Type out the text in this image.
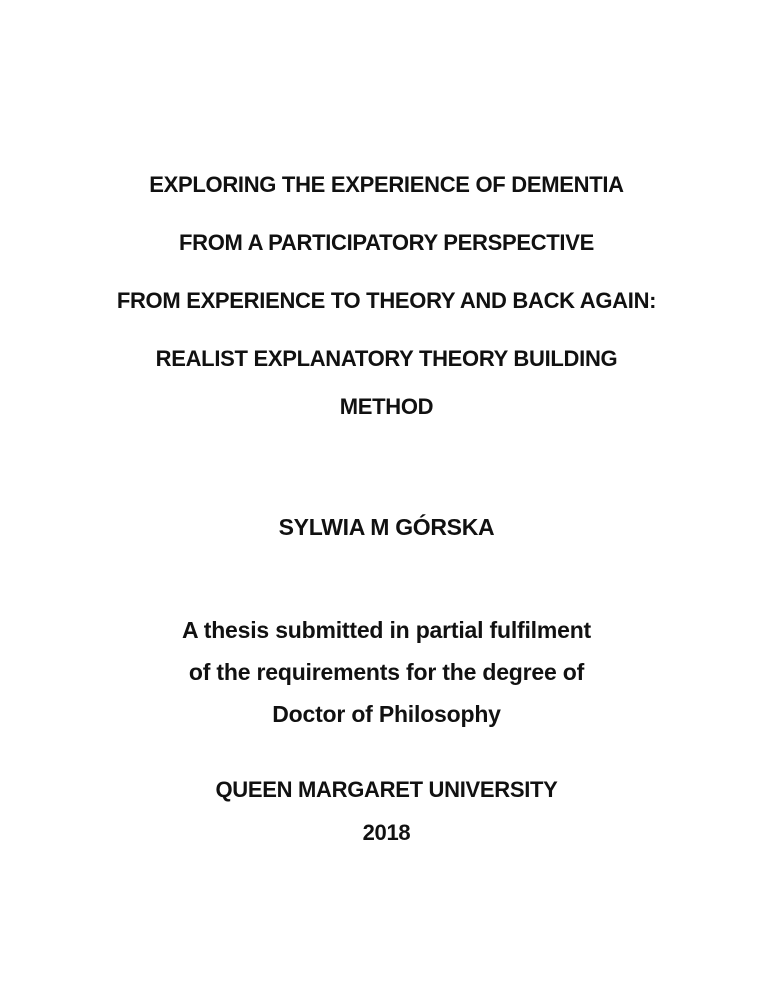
EXPLORING THE EXPERIENCE OF DEMENTIA
FROM A PARTICIPATORY PERSPECTIVE
FROM EXPERIENCE TO THEORY AND BACK AGAIN:
REALIST EXPLANATORY THEORY BUILDING
METHOD
SYLWIA M GÓRSKA
A thesis submitted in partial fulfilment
of the requirements for the degree of
Doctor of Philosophy
QUEEN MARGARET UNIVERSITY
2018
